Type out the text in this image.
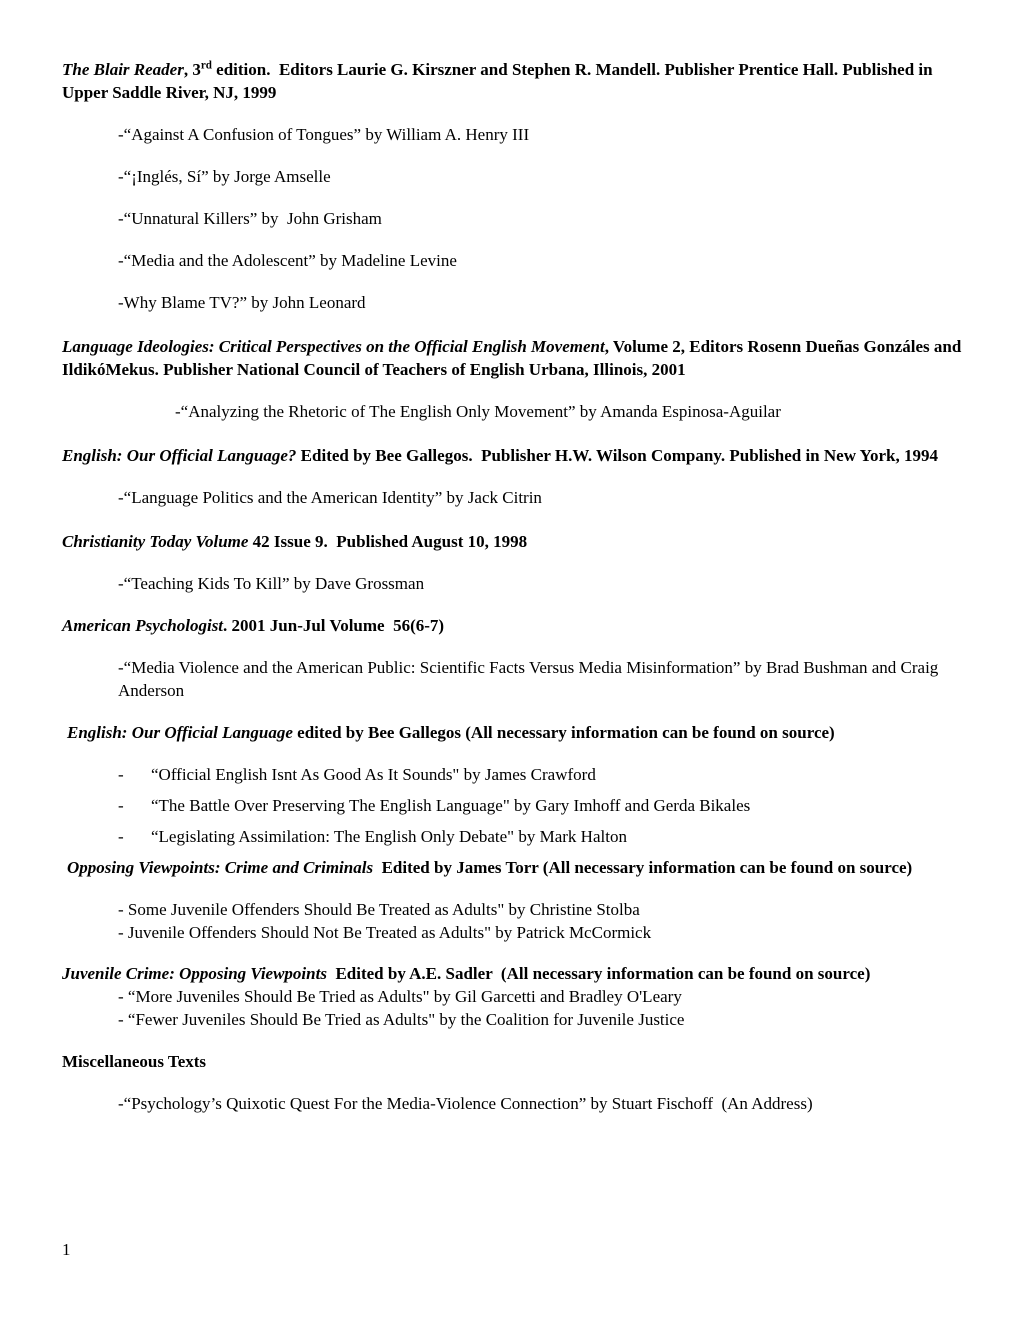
The Blair Reader, 3rd edition.  Editors Laurie G. Kirszner and Stephen R. Mandell. Publisher Prentice Hall. Published in Upper Saddle River, NJ, 1999

-“Against A Confusion of Tongues” by William A. Henry III

-“¡Inglés, Sí” by Jorge Amselle

-“Unnatural Killers” by  John Grisham

-“Media and the Adolescent” by Madeline Levine

-Why Blame TV?” by John Leonard

Language Ideologies: Critical Perspectives on the Official English Movement, Volume 2, Editors Rosenn Dueñas Gonzáles and IldikóMekus. Publisher National Council of Teachers of English Urbana, Illinois, 2001

-“Analyzing the Rhetoric of The English Only Movement” by Amanda Espinosa-Aguilar

English: Our Official Language? Edited by Bee Gallegos.  Publisher H.W. Wilson Company. Published in New York, 1994

-“Language Politics and the American Identity” by Jack Citrin

Christianity Today Volume 42 Issue 9.  Published August 10, 1998

-“Teaching Kids To Kill” by Dave Grossman

American Psychologist. 2001 Jun-Jul Volume  56(6-7)

-“Media Violence and the American Public: Scientific Facts Versus Media Misinformation” by Brad Bushman and Craig Anderson

English: Our Official Language edited by Bee Gallegos (All necessary information can be found on source)

-	“Official English Isnt As Good As It Sounds" by James Crawford

-	“The Battle Over Preserving The English Language" by Gary Imhoff and Gerda Bikales

-	“Legislating Assimilation: The English Only Debate" by Mark Halton

Opposing Viewpoints: Crime and Criminals  Edited by James Torr (All necessary information can be found on source)

- Some Juvenile Offenders Should Be Treated as Adults" by Christine Stolba

- Juvenile Offenders Should Not Be Treated as Adults" by Patrick McCormick

Juvenile Crime: Opposing Viewpoints  Edited by A.E. Sadler  (All necessary information can be found on source)

- “More Juveniles Should Be Tried as Adults" by Gil Garcetti and Bradley O'Leary

- “Fewer Juveniles Should Be Tried as Adults" by the Coalition for Juvenile Justice

Miscellaneous Texts

-“Psychology’s Quixotic Quest For the Media-Violence Connection” by Stuart Fischoff  (An Address)

1
